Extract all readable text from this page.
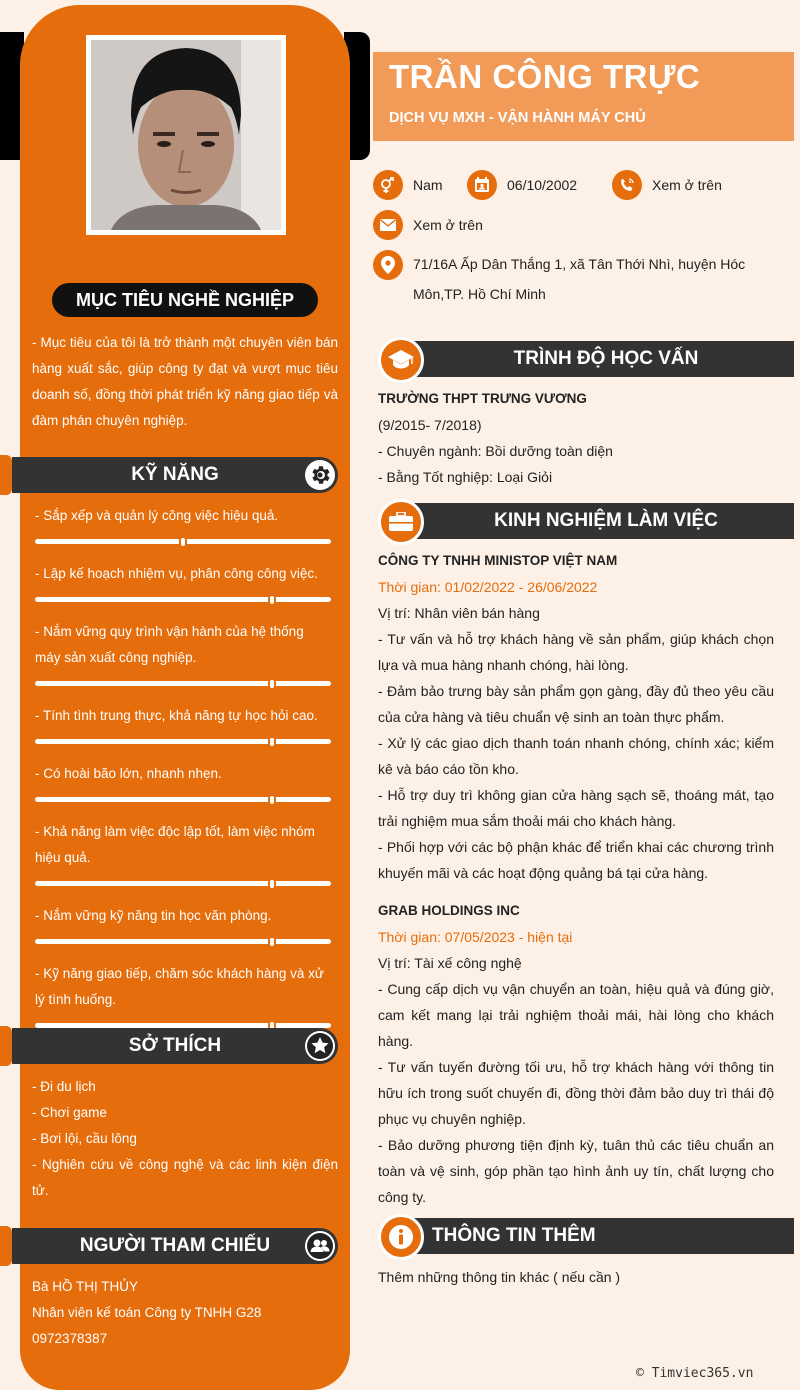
MỤC TIÊU NGHỀ NGHIỆP
- Mục tiêu của tôi là trở thành một chuyên viên bán hàng xuất sắc, giúp công ty đạt và vượt mục tiêu doanh số, đồng thời phát triển kỹ năng giao tiếp và đàm phán chuyên nghiệp.
KỸ NĂNG
- Sắp xếp và quản lý công việc hiệu quả.
- Lập kế hoạch nhiệm vụ, phân công công việc.
- Nắm vững quy trình vận hành của hệ thống máy sản xuất công nghiệp.
- Tính tình trung thực, khả năng tự học hỏi cao.
- Có hoài bão lớn, nhanh nhẹn.
- Khả năng làm việc độc lập tốt, làm việc nhóm hiệu quả.
- Nắm vững kỹ năng tin học văn phòng.
- Kỹ năng giao tiếp, chăm sóc khách hàng và xử lý tình huống.
SỞ THÍCH
- Đi du lịch
- Chơi game
- Bơi lội, cầu lông
- Nghiên cứu về công nghệ và các linh kiện điện tử.
NGƯỜI THAM CHIẾU
Bà HỒ THỊ THỦY
Nhân viên kế toán Công ty TNHH G28
0972378387
TRẦN CÔNG TRỰC
DỊCH VỤ MXH - VẬN HÀNH MÁY CHỦ
Nam	06/10/2002	Xem ở trên
Xem ở trên
71/16A Ấp Dân Thắng 1, xã Tân Thới Nhì, huyện Hóc
Môn,TP. Hồ Chí Minh
TRÌNH ĐỘ HỌC VẤN
TRƯỜNG THPT TRƯNG VƯƠNG
(9/2015- 7/2018)
- Chuyên ngành: Bồi dưỡng toàn diện
- Bằng Tốt nghiệp: Loại Giỏi
KINH NGHIỆM LÀM VIỆC
CÔNG TY TNHH MINISTOP VIỆT NAM
Thời gian: 01/02/2022 - 26/06/2022
Vị trí: Nhân viên bán hàng
- Tư vấn và hỗ trợ khách hàng về sản phẩm, giúp khách chọn lựa và mua hàng nhanh chóng, hài lòng.
- Đảm bảo trưng bày sản phẩm gọn gàng, đầy đủ theo yêu cầu của cửa hàng và tiêu chuẩn vệ sinh an toàn thực phẩm.
- Xử lý các giao dịch thanh toán nhanh chóng, chính xác; kiểm kê và báo cáo tồn kho.
- Hỗ trợ duy trì không gian cửa hàng sạch sẽ, thoáng mát, tạo trải nghiệm mua sắm thoải mái cho khách hàng.
- Phối hợp với các bộ phận khác để triển khai các chương trình khuyến mãi và các hoạt động quảng bá tại cửa hàng.
GRAB HOLDINGS INC
Thời gian: 07/05/2023 - hiện tại
Vị trí: Tài xế công nghệ
- Cung cấp dịch vụ vận chuyển an toàn, hiệu quả và đúng giờ, cam kết mang lại trải nghiệm thoải mái, hài lòng cho khách hàng.
- Tư vấn tuyến đường tối ưu, hỗ trợ khách hàng với thông tin hữu ích trong suốt chuyến đi, đồng thời đảm bảo duy trì thái độ phục vụ chuyên nghiệp.
- Bảo dưỡng phương tiện định kỳ, tuân thủ các tiêu chuẩn an toàn và vệ sinh, góp phần tạo hình ảnh uy tín, chất lượng cho công ty.
THÔNG TIN THÊM
Thêm những thông tin khác ( nếu cần )
© Timviec365.vn
